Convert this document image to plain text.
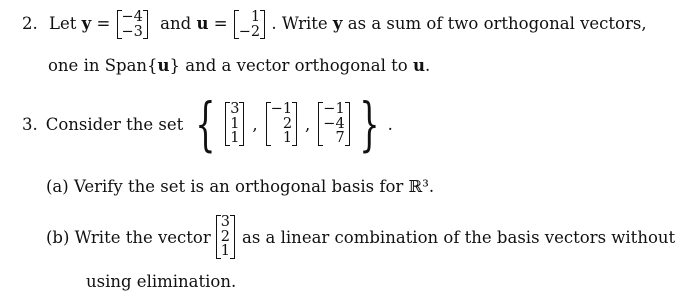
2. Let y = −4
−3 and u =	1
−2 . Write y as a sum of two orthogonal vectors,
one in Span{u} and a vector orthogonal to u.
3. Consider the set { 3
1
1
,
−1
2
1
,
−1
−4
7 } .
(a) Verify the set is an orthogonal basis for ℝ³.
(b) Write the vector
3
2
1
as a linear combination of the basis vectors without
using elimination.
